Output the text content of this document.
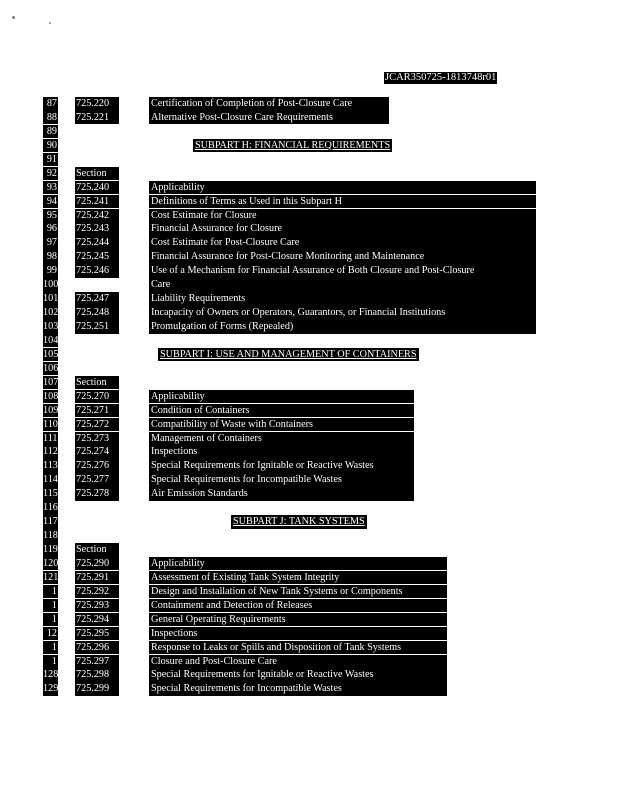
JCAR350725-1813748r01
87 725.220	Certification of Completion of Post-Closure Care
88 725.221	Alternative Post-Closure Care Requirements
89
90	SUBPART H: FINANCIAL REQUIREMENTS
91
92 Section
93 725.240	Applicability
94 725.241	Definitions of Terms as Used in this Subpart H
95 725.242	Cost Estimate for Closure
96 725.243	Financial Assurance for Closure
97 725.244	Cost Estimate for Post-Closure Care
98 725.245	Financial Assurance for Post-Closure Monitoring and Maintenance
99 725.246	Use of a Mechanism for Financial Assurance of Both Closure and Post-Closure
100	Care
101 725.247	Liability Requirements
102 725.248	Incapacity of Owners or Operators, Guarantors, or Financial Institutions
103 725.251	Promulgation of Forms (Repealed)
104
105	SUBPART I: USE AND MANAGEMENT OF CONTAINERS
106
107 Section
108 725.270	Applicability
109 725.271	Condition of Containers
110 725.272	Compatibility of Waste with Containers
111 725.273	Management of Containers
112 725.274	Inspections
113 725.276	Special Requirements for Ignitable or Reactive Wastes
114 725.277	Special Requirements for Incompatible Wastes
115 725.278	Air Emission Standards
116
117	SUBPART J: TANK SYSTEMS
118
119 Section
120 725.290	Applicability
121 725.291	Assessment of Existing Tank System Integrity
1 725.292	Design and Installation of New Tank Systems or Components
1 725.293	Containment and Detection of Releases
1 725.294	General Operating Requirements
12 725.295	Inspections
1 725.296	Response to Leaks or Spills and Disposition of Tank Systems
1 725.297	Closure and Post-Closure Care
128 725.298	Special Requirements for Ignitable or Reactive Wastes
129 725.299	Special Requirements for Incompatible Wastes
